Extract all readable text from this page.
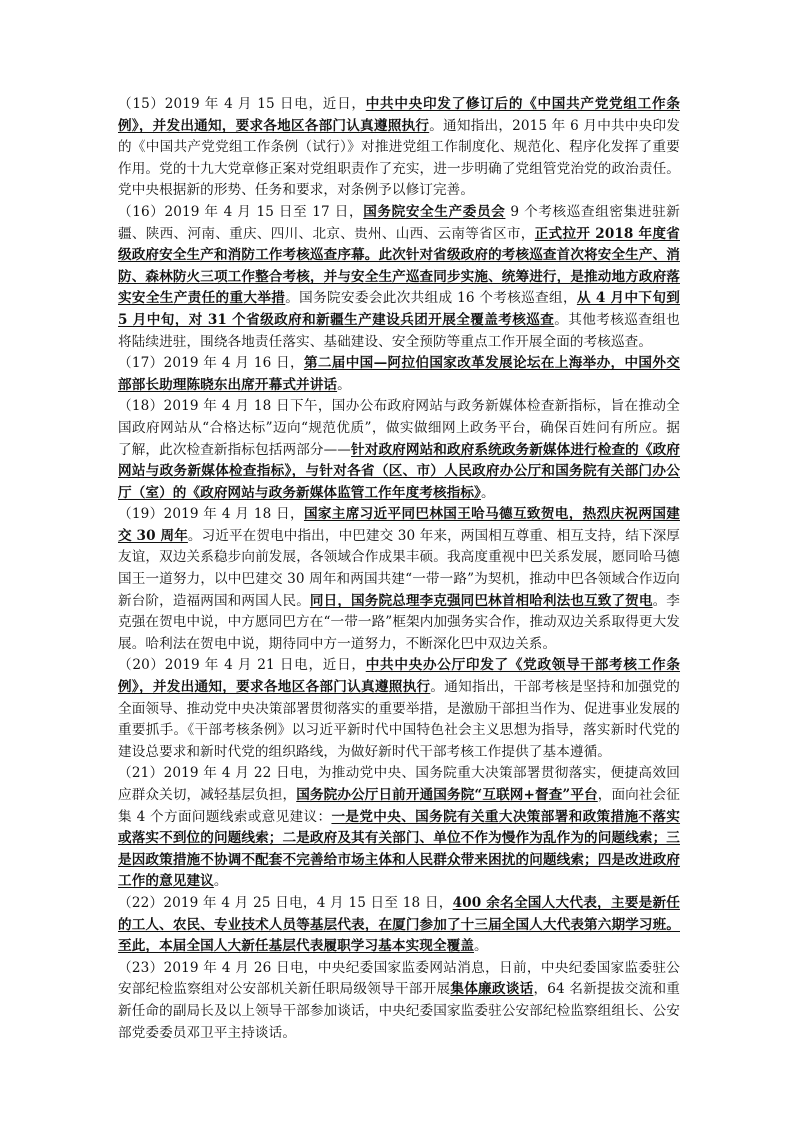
（15）2019 年 4 月 15 日电，近日，中共中央印发了修订后的《中国共产党党组工作条例》，并发出通知，要求各地区各部门认真遵照执行。通知指出，2015 年 6 月中共中央印发的《中国共产党党组工作条例（试行）》对推进党组工作制度化、规范化、程序化发挥了重要作用。党的十九大党章修正案对党组职责作了充实，进一步明确了党组管党治党的政治责任。党中央根据新的形势、任务和要求，对条例予以修订完善。

（16）2019 年 4 月 15 日至 17 日，国务院安全生产委员会 9 个考核巡查组密集进驻新疆、陕西、河南、重庆、四川、北京、贵州、山西、云南等省区市，正式拉开 2018 年度省级政府安全生产和消防工作考核巡查序幕。此次针对省级政府的考核巡查首次将安全生产、消防、森林防火三项工作整合考核，并与安全生产巡查同步实施、统筹进行，是推动地方政府落实安全生产责任的重大举措。国务院安委会此次共组成 16 个考核巡查组，从 4 月中下旬到 5 月中旬，对 31 个省级政府和新疆生产建设兵团开展全覆盖考核巡查。其他考核巡查组也将陆续进驻，围绕各地责任落实、基础建设、安全预防等重点工作开展全面的考核巡查。

（17）2019 年 4 月 16 日，第二届中国—阿拉伯国家改革发展论坛在上海举办，中国外交部部长助理陈晓东出席开幕式并讲话。

（18）2019 年 4 月 18 日下午，国办公布政府网站与政务新媒体检查新指标，旨在推动全国政府网站从“合格达标”迈向“规范优质”，做实做细网上政务平台，确保百姓问有所应。据了解，此次检查新指标包括两部分——针对政府网站和政府系统政务新媒体进行检查的《政府网站与政务新媒体检查指标》，与针对各省（区、市）人民政府办公厅和国务院有关部门办公厅（室）的《政府网站与政务新媒体监管工作年度考核指标》。

（19）2019 年 4 月 18 日，国家主席习近平同巴林国王哈马德互致贺电，热烈庆祝两国建交 30 周年。习近平在贺电中指出，中巴建交 30 年来，两国相互尊重、相互支持，结下深厚友谊，双边关系稳步向前发展，各领域合作成果丰硕。我高度重视中巴关系发展，愿同哈马德国王一道努力，以中巴建交 30 周年和两国共建“一带一路”为契机，推动中巴各领域合作迈向新台阶，造福两国和两国人民。同日，国务院总理李克强同巴林首相哈利法也互致了贺电。李克强在贺电中说，中方愿同巴方在“一带一路”框架内加强务实合作，推动双边关系取得更大发展。哈利法在贺电中说，期待同中方一道努力，不断深化巴中双边关系。

（20）2019 年 4 月 21 日电，近日，中共中央办公厅印发了《党政领导干部考核工作条例》，并发出通知，要求各地区各部门认真遵照执行。通知指出，干部考核是坚持和加强党的全面领导、推动党中央决策部署贯彻落实的重要举措，是激励干部担当作为、促进事业发展的重要抓手。《干部考核条例》以习近平新时代中国特色社会主义思想为指导，落实新时代党的建设总要求和新时代党的组织路线，为做好新时代干部考核工作提供了基本遵循。

（21）2019 年 4 月 22 日电，为推动党中央、国务院重大决策部署贯彻落实，便捷高效回应群众关切，减轻基层负担，国务院办公厅日前开通国务院“互联网+督查”平台，面向社会征集 4 个方面问题线索或意见建议：一是党中央、国务院有关重大决策部署和政策措施不落实或落实不到位的问题线索；二是政府及其有关部门、单位不作为慢作为乱作为的问题线索；三是因政策措施不协调不配套不完善给市场主体和人民群众带来困扰的问题线索；四是改进政府工作的意见建议。

（22）2019 年 4 月 25 日电，4 月 15 日至 18 日，400 余名全国人大代表，主要是新任的工人、农民、专业技术人员等基层代表，在厦门参加了十三届全国人大代表第六期学习班。至此，本届全国人大新任基层代表履职学习基本实现全覆盖。

（23）2019 年 4 月 26 日电，中央纪委国家监委网站消息，日前，中央纪委国家监委驻公安部纪检监察组对公安部机关新任职局级领导干部开展集体廉政谈话，64 名新提拔交流和重新任命的副局长及以上领导干部参加谈话，中央纪委国家监委驻公安部纪检监察组组长、公安部党委委员邓卫平主持谈话。
